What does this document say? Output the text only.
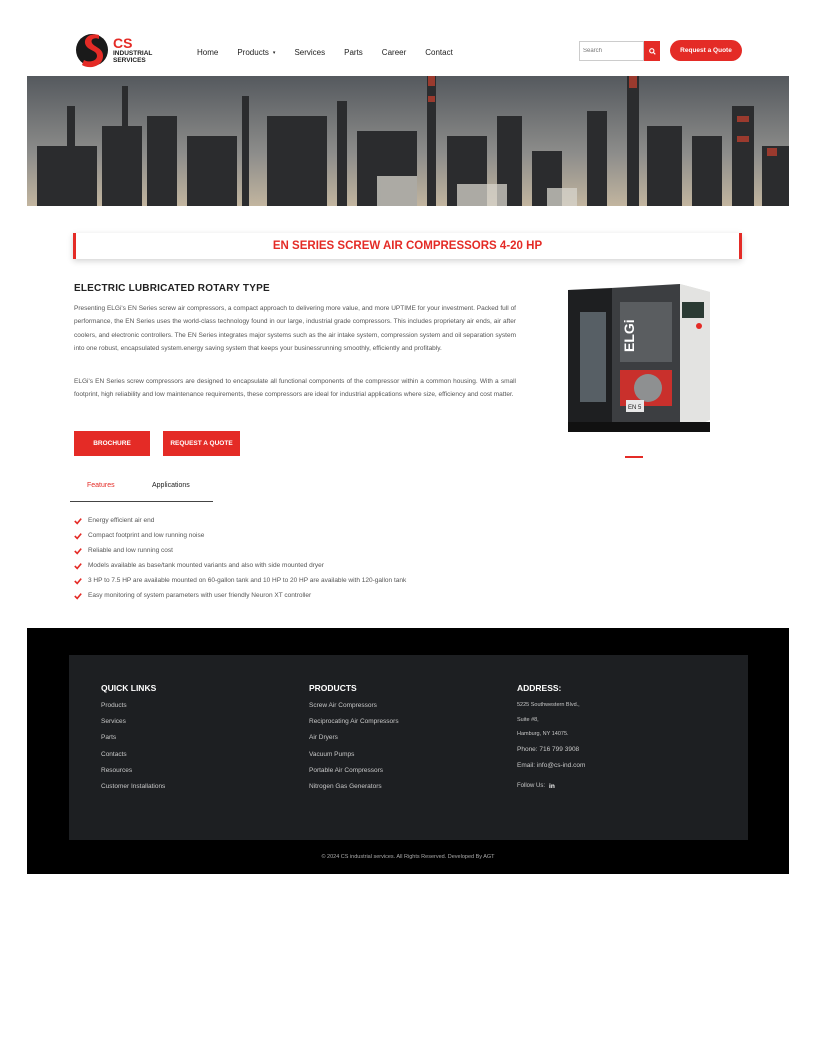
CS
INDUSTRIAL
SERVICES
Home Products ▾ Services Parts Career Contact
Search	Request a Quote
EN SERIES SCREW AIR COMPRESSORS 4-20 HP
ELECTRIC LUBRICATED ROTARY TYPE

Presenting ELGi's EN Series screw air compressors, a compact approach to delivering more value, and more UPTIME for your investment. Packed full of performance, the EN Series uses the world-class technology found in our large, industrial grade compressors. This includes proprietary air ends, air after coolers, and electronic controllers. The EN Series integrates major systems such as the air intake system, compression system and oil separation system into one robust, encapsulated system.energy saving system that keeps your businessrunning smoothly, efficiently and profitably.

ELGi's EN Series screw compressors are designed to encapsulate all functional components of the compressor within a common housing. With a small footprint, high reliability and low maintenance requirements, these compressors are ideal for industrial applications where size, efficiency and cost matter.

BROCHURE	REQUEST A QUOTE
ELGi
EN 5
Features	Applications
Energy efficient air end
Compact footprint and low running noise
Reliable and low running cost
Models available as base/tank mounted variants and also with side mounted dryer
3 HP to 7.5 HP are available mounted on 60-gallon tank and 10 HP to 20 HP are available with 120-gallon tank
Easy monitoring of system parameters with user friendly Neuron XT controller
QUICK LINKS
Products
Services
Parts
Contacts
Resources
Customer Installations
PRODUCTS
Screw Air Compressors
Reciprocating Air Compressors
Air Dryers
Vacuum Pumps
Portable Air Compressors
Nitrogen Gas Generators
ADDRESS:
5225 Southwestern Blvd.,
Suite #8,
Hamburg, NY 14075.
Phone: 716 799 3908
Email: info@cs-ind.com
Follow Us: in
© 2024 CS industrial services. All Rights Reserved. Developed By AGT
